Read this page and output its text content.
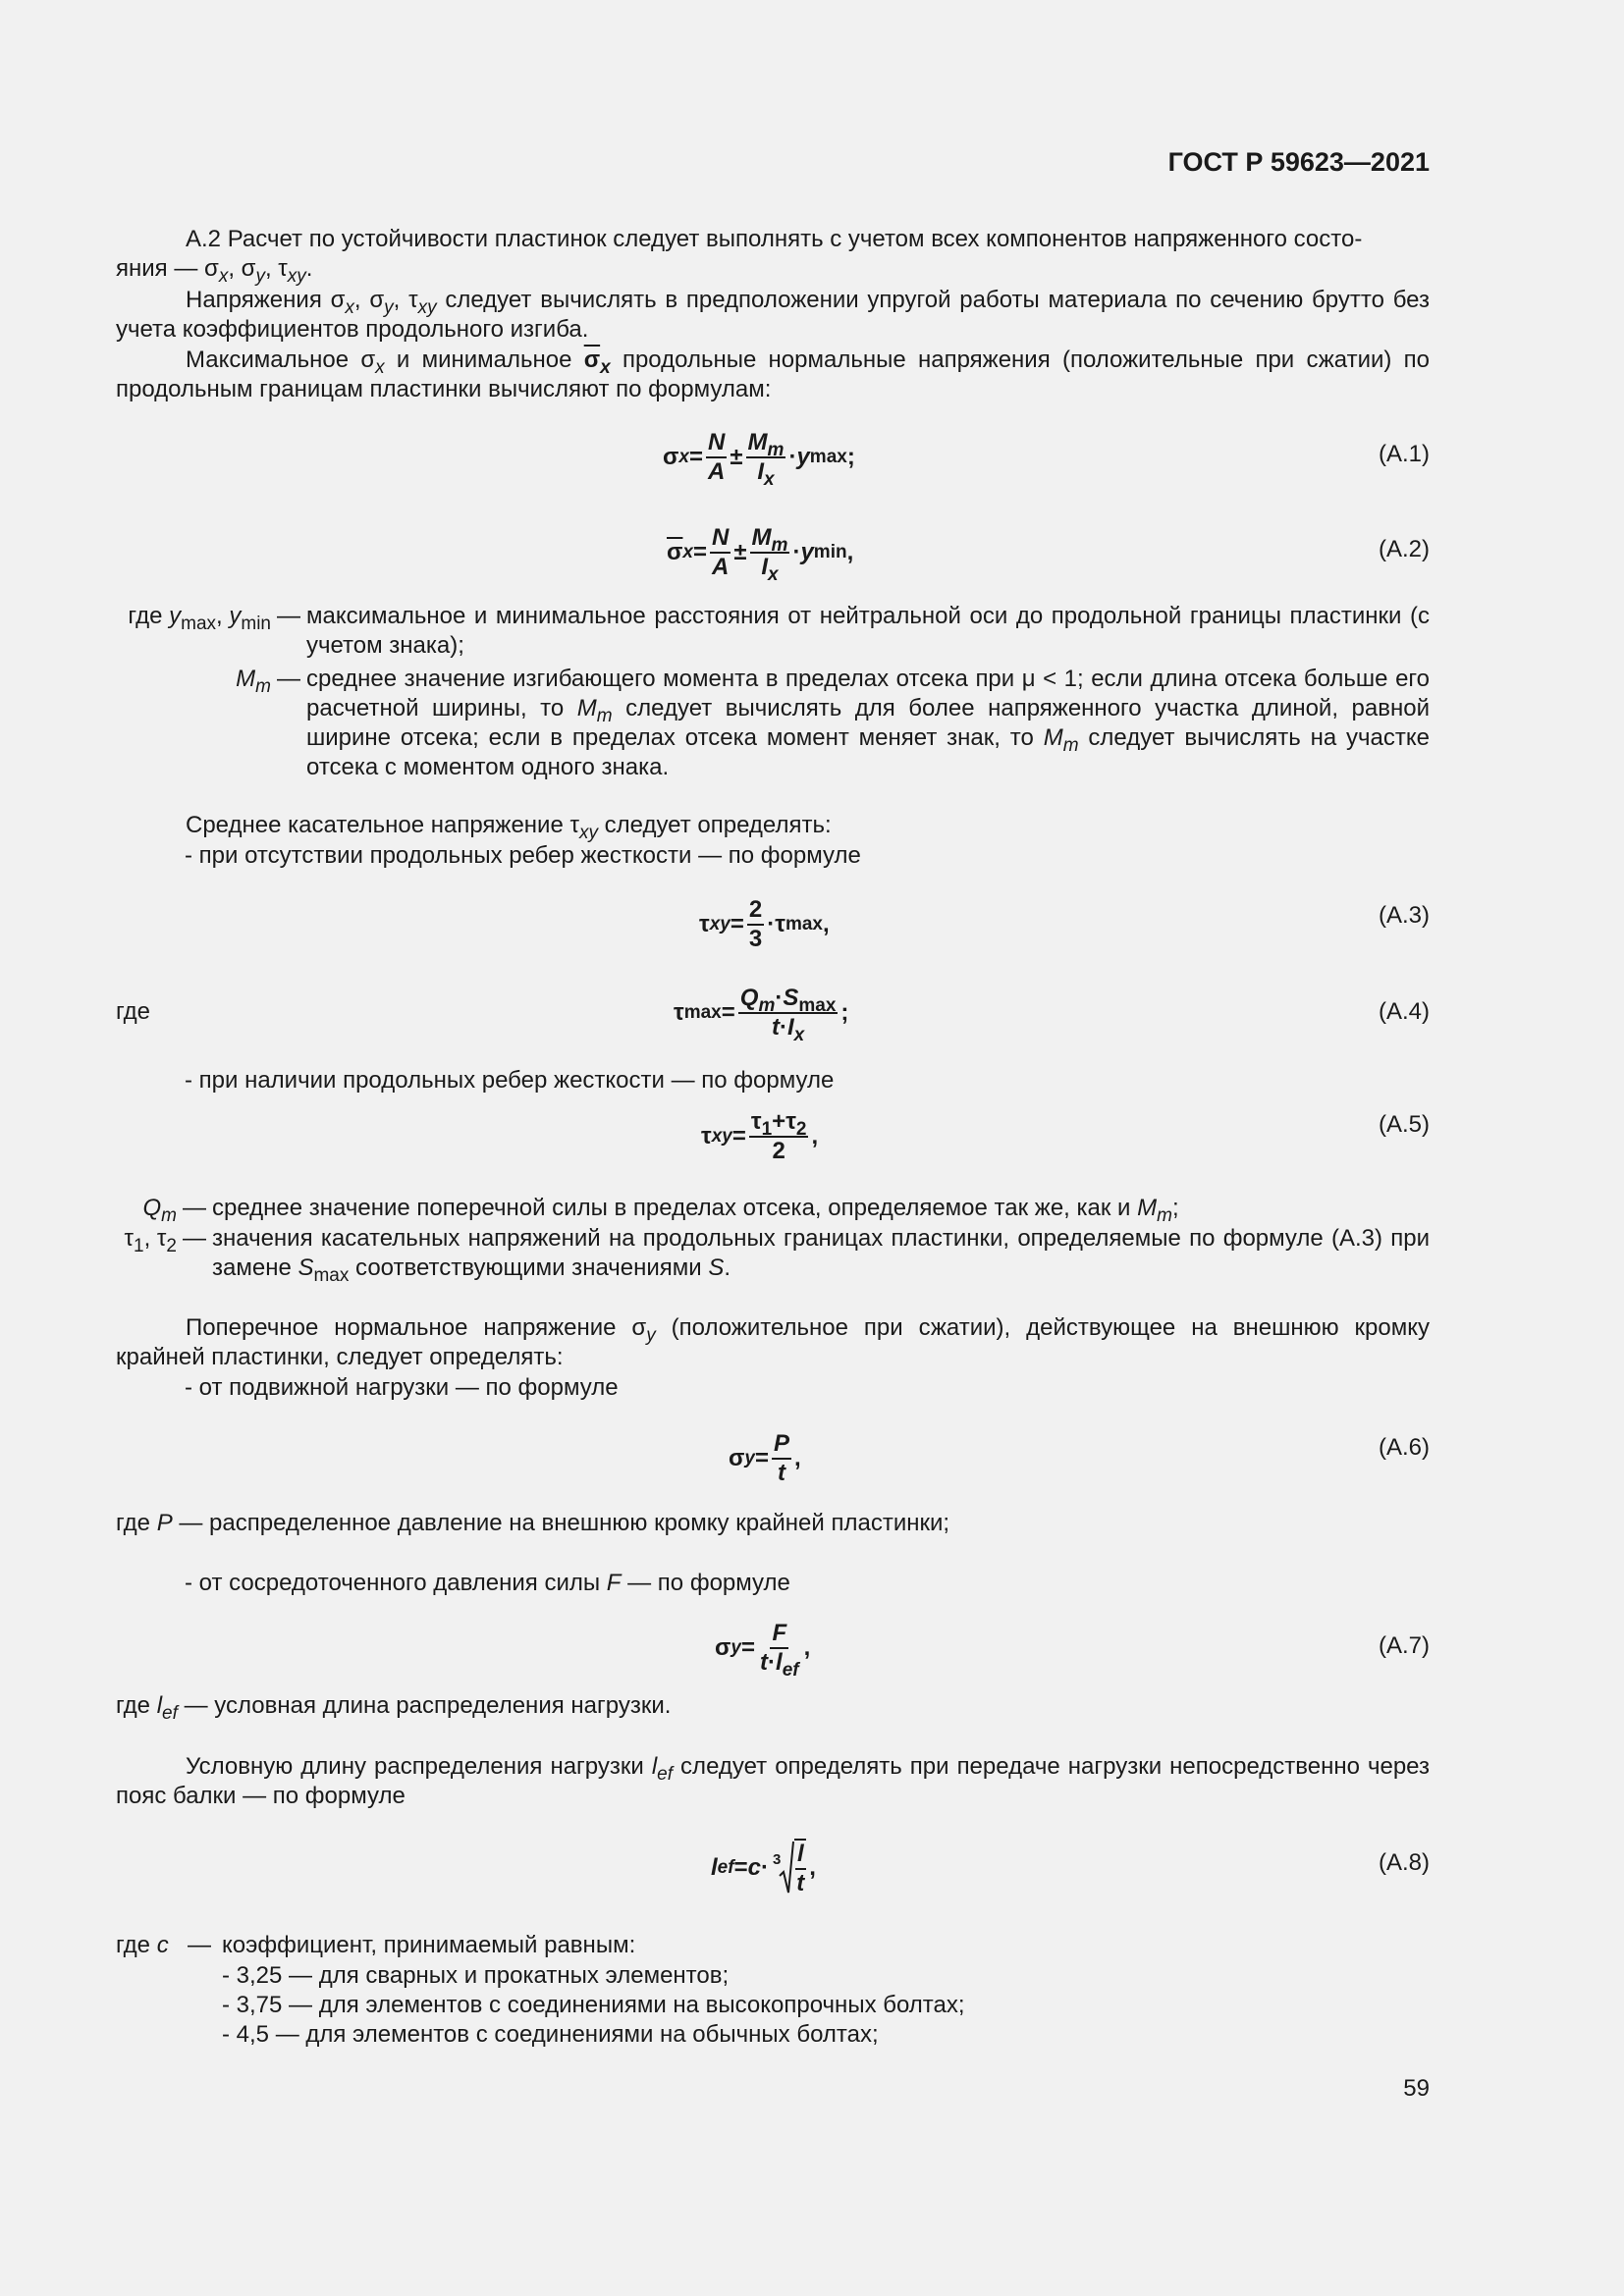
ГОСТ Р 59623—2021
А.2 Расчет по устойчивости пластинок следует выполнять с учетом всех компонентов напряженного состо-
яния — $\sigma_x$, $\sigma_y$, $\tau_{xy}$.
Напряжения $\sigma_x$, $\sigma_y$, $\tau_{xy}$ следует вычислять в предположении упругой работы материала по сечению брутто без учета коэффициентов продольного изгиба.
Максимальное $\sigma_x$ и минимальное $\overline{\sigma}_x$ продольные нормальные напряжения (положительные при сжатии) по продольным границам пластинки вычисляют по формулам:
σ $x = \frac{N}{A} \pm \frac{M_m}{I_x} \cdot y$ max ;	(А.1)
$\overline{\sigma}$ $x = \frac{N}{A} \pm \frac{M_m}{I_x} \cdot y$ min ,	(А.2)
где $y_{max}$, $y_{min}$ — максимальное и минимальное расстояния от нейтральной оси до продольной границы пластинки (с учетом знака);
$M_m$ — среднее значение изгибающего момента в пределах отсека при μ < 1; если длина отсека больше его расчетной ширины, то $M_m$ следует вычислять для более напряженного участка длиной, равной ширине отсека; если в пределах отсека момент меняет знак, то $M_m$ следует вычислять на участке отсека с моментом одного знака.
Среднее касательное напряжение $\tau_{xy}$ следует определять:
- при отсутствии продольных ребер жесткости — по формуле
τ xy = $\frac{2}{3} \cdot \tau$ max ,	(А.3)
где	τ $\max = \frac{Q_m\cdot S_{max}}{t\cdot I_x}$ ;	(А.4)
- при наличии продольных ребер жесткости — по формуле
τ xy = $\frac{\tau_1+\tau_2}{2}$ ,	(А.5)
$Q_m$ — среднее значение поперечной силы в пределах отсека, определяемое так же, как и $M_m$;
$\tau_1$, $\tau_2$ — значения касательных напряжений на продольных границах пластинки, определяемые по формуле (А.3) при замене $S_{max}$ соответствующими значениями S.
Поперечное нормальное напряжение $\sigma_y$ (положительное при сжатии), действующее на внешнюю кромку крайней пластинки, следует определять:
- от подвижной нагрузки — по формуле
σ $y = \frac{P}{t}$ ,	(А.6)
где P — распределенное давление на внешнюю кромку крайней пластинки;
- от сосредоточенного давления силы F — по формуле
σ $y = \frac{F}{t\cdot l_{ef}}$ ,	(А.7)
где $l_{ef}$ — условная длина распределения нагрузки.
Условную длину распределения нагрузки $l_{ef}$ следует определять при передаче нагрузки непосредственно через пояс балки — по формуле
l ef = $c \cdot 3 \frac{l}{t}$ ,	(А.8)
где c — коэффициент, принимаемый равным:
- 3,25 — для сварных и прокатных элементов;
- 3,75 — для элементов с соединениями на высокопрочных болтах;
- 4,5 — для элементов с соединениями на обычных болтах;
59
